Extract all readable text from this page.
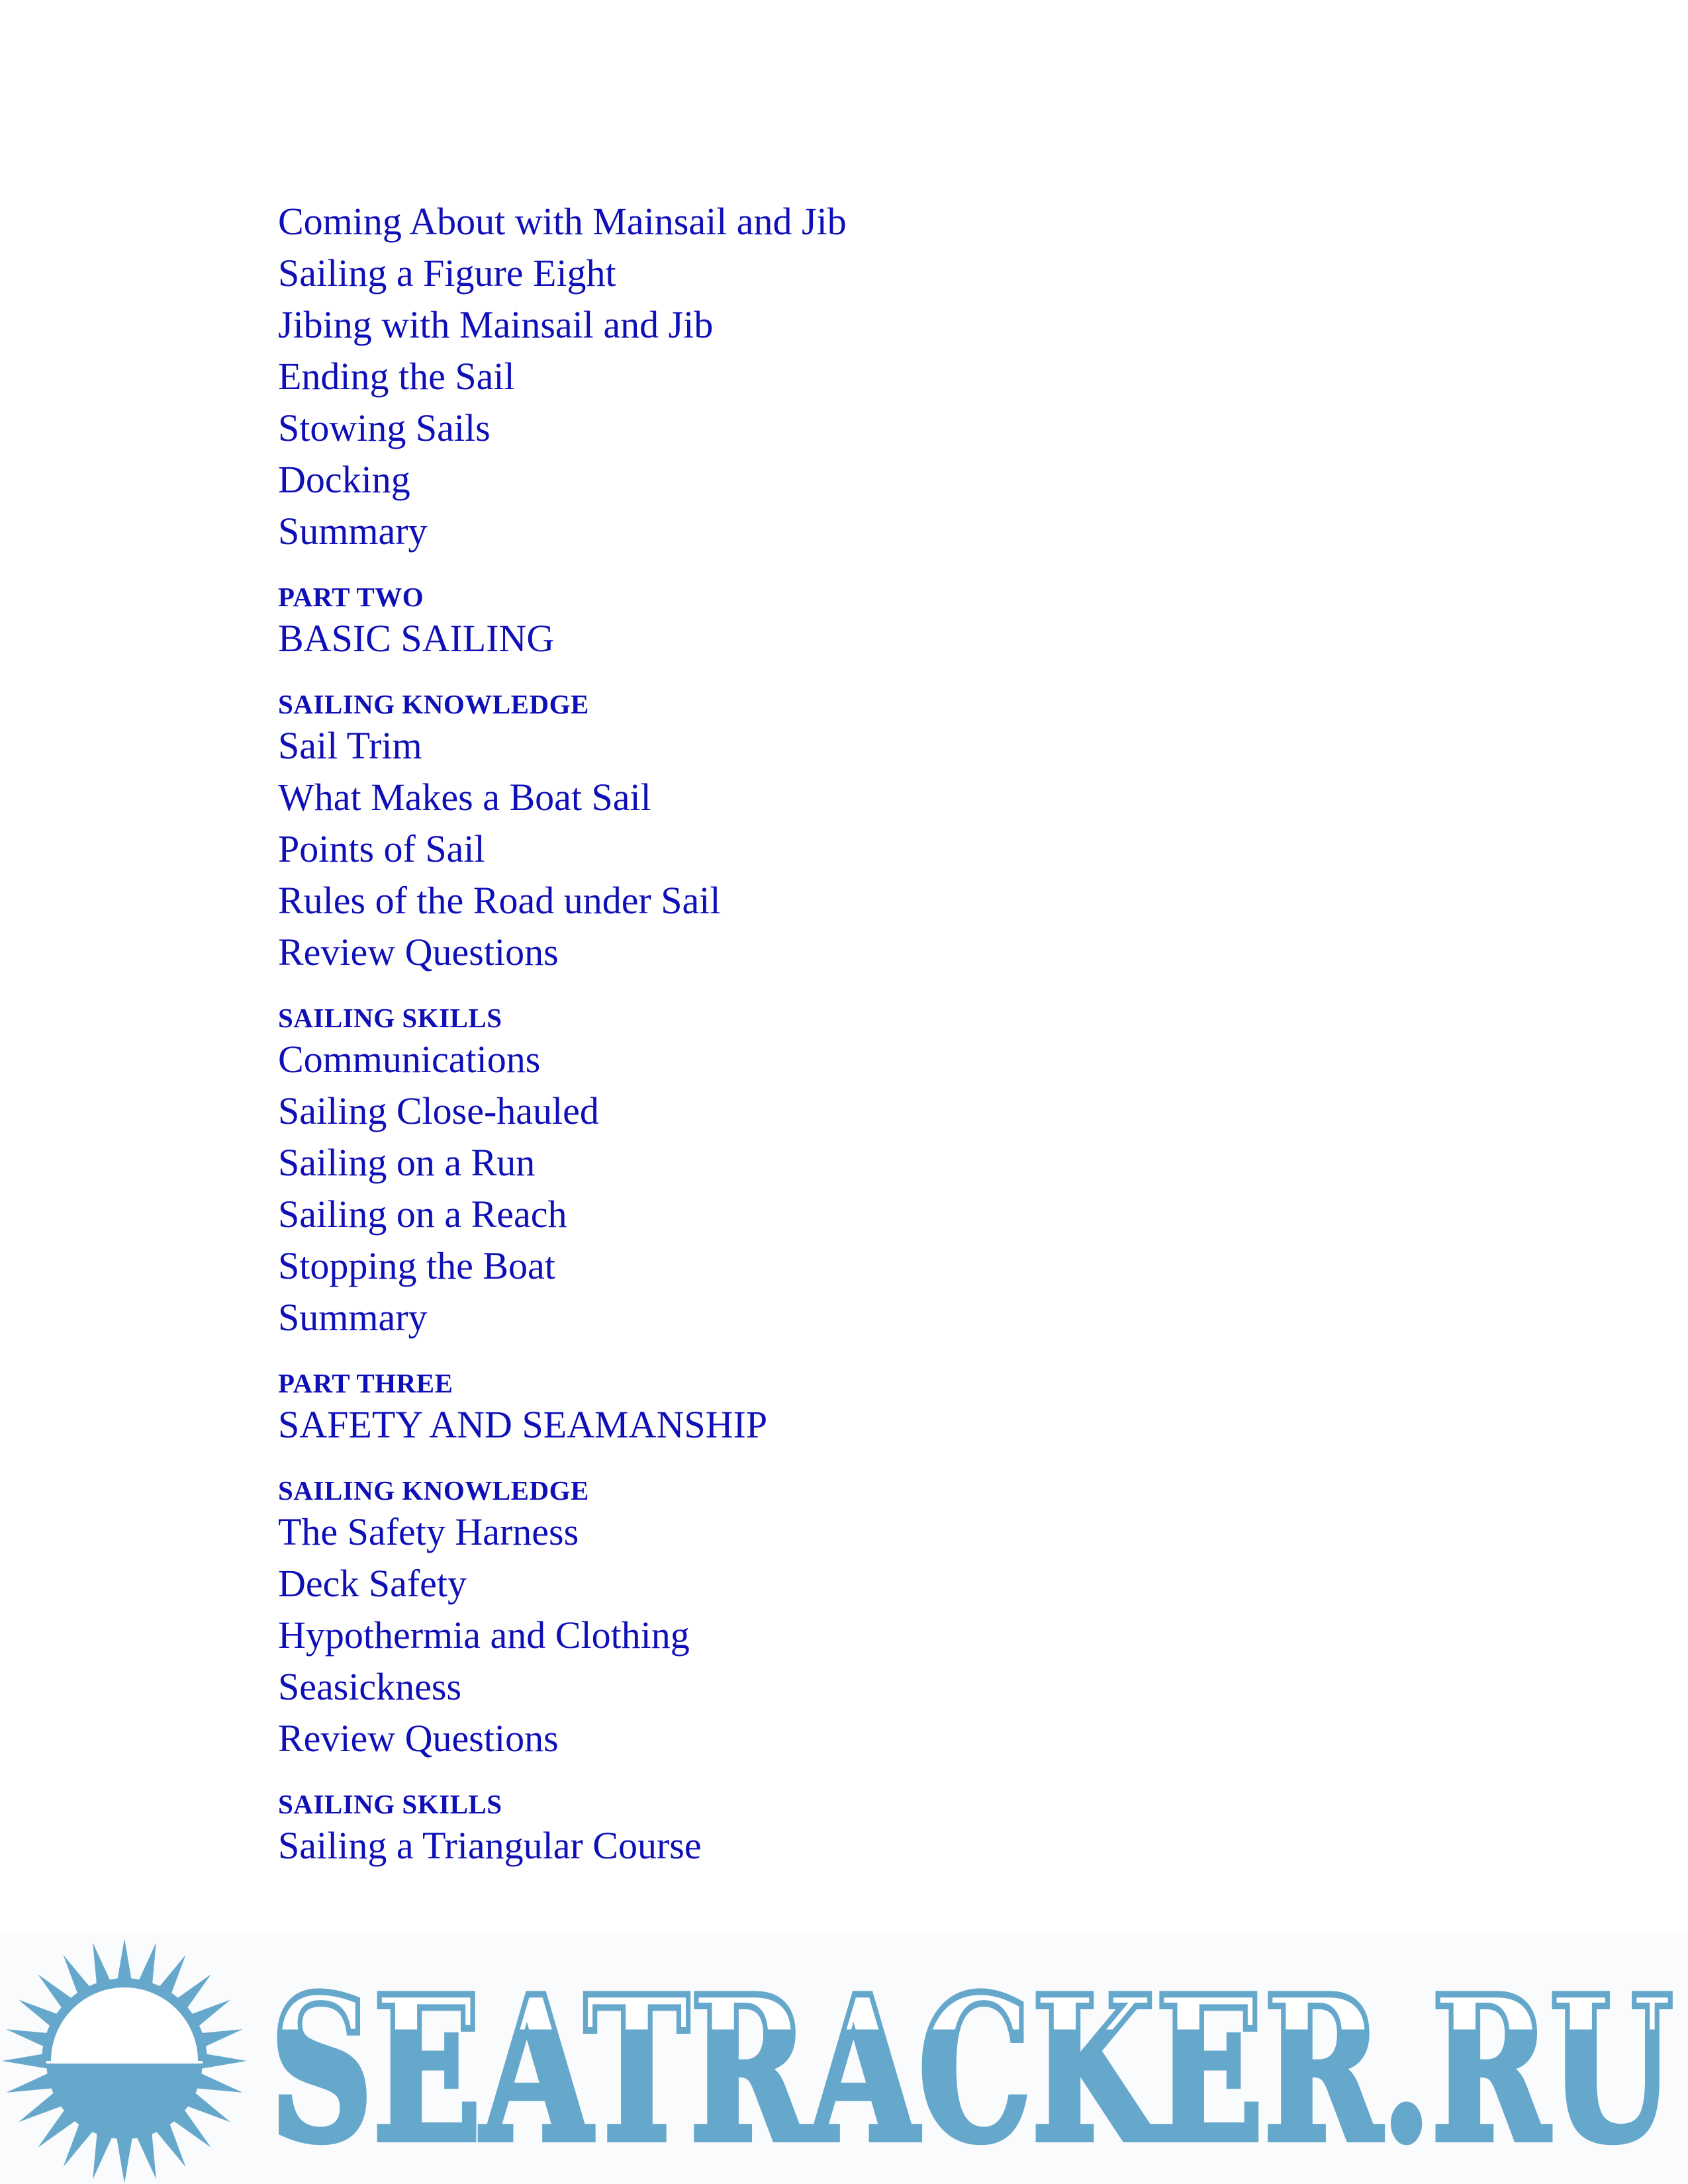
Coming About with Mainsail and Jib
Sailing a Figure Eight
Jibing with Mainsail and Jib
Ending the Sail
Stowing Sails
Docking
Summary
PART TWO
BASIC SAILING
SAILING KNOWLEDGE
Sail Trim
What Makes a Boat Sail
Points of Sail
Rules of the Road under Sail
Review Questions
SAILING SKILLS
Communications
Sailing Close-hauled
Sailing on a Run
Sailing on a Reach
Stopping the Boat
Summary
PART THREE
SAFETY AND SEAMANSHIP
SAILING KNOWLEDGE
The Safety Harness
Deck Safety
Hypothermia and Clothing
Seasickness
Review Questions
SAILING SKILLS
Sailing a Triangular Course
SEATRACKER.RU
